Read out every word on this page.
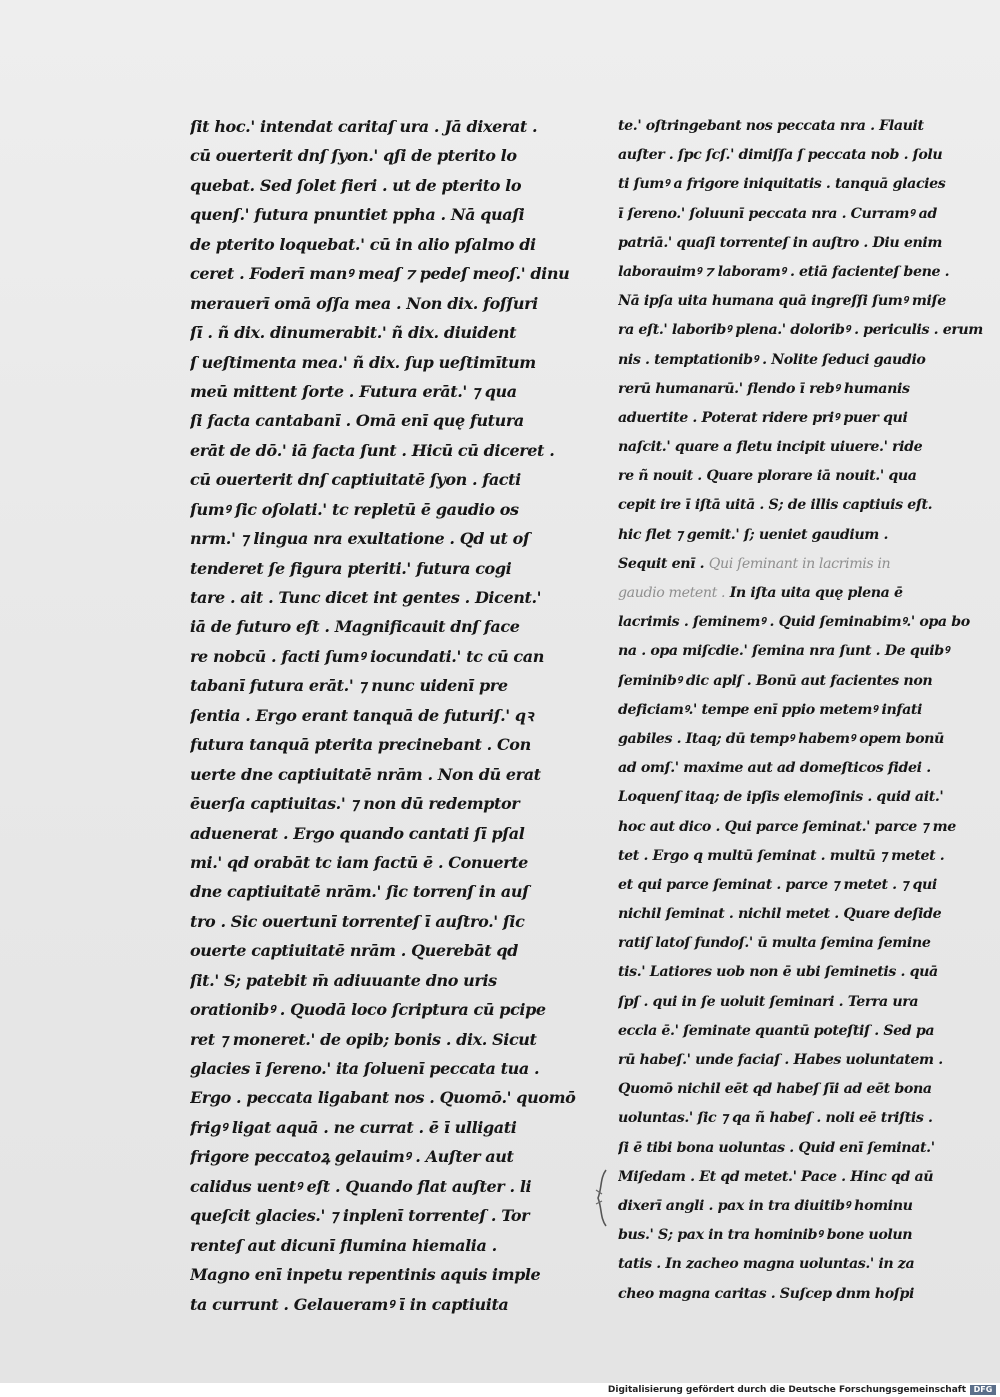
ſit hoc.' intendat caritaſ ura . Jā dixerat .
cū ouerterit dnſ ſyon.' qſi de pterito lo
quebat. Sed ſolet fieri . ut de pterito lo
quenſ.' futura pnuntiet ppha . Nā quaſi
de pterito loquebat.' cū in alio pſalmo di
ceret . Foderī manꝰ meaſ ⁊ pedeſ meoſ.' dinu
merauerī omā oſſa mea . Non dix. foſſuri
ſī . ñ dix. dinumerabit.' ñ dix. diuident
ſ ueſtimenta mea.' ñ dix. ſup ueſtimītum
meū mittent ſorte . Futura erāt.' ⁊ qua
ſi facta cantabanī . Omā enī quę futura
erāt de dō.' iā facta ſunt . Hicū cū diceret .
cū ouerterit dnſ captiuitatē ſyon . facti
ſumꝰ ſic oſolati.' tc repletū ē gaudio os
nrm.' ⁊ lingua nra exultatione . Qd ut oſ
tenderet ſe figura pteriti.' futura cogi
tare . ait . Tunc dicet int gentes . Dicent.'
iā de futuro eſt . Magnificauit dnſ face
re nobcū . facti ſumꝰ iocundati.' tc cū can
tabanī futura erāt.' ⁊ nunc uidenī pre
ſentia . Ergo erant tanquā de futuriſ.' qꝛ
futura tanquā pterita precinebant . Con
uerte dne captiuitatē nrām . Non dū erat
ēuerſa captiuitas.' ⁊ non dū redemptor
aduenerat . Ergo quando cantati ſī pſal
mi.' qd orabāt tc iam factū ē . Conuerte
dne captiuitatē nrām.' ſic torrenſ in auſ
tro . Sic ouertunī torrenteſ ī auſtro.' ſic
ouerte captiuitatē nrām . Querebāt qd
ſit.' S; patebit m̄ adiuuante dno uris
orationibꝰ . Quodā loco ſcriptura cū pcipe
ret ⁊ moneret.' de opib; bonis . dix. Sicut
glacies ī ſereno.' ita ſoluenī peccata tua .
Ergo . peccata ligabant nos . Quomō.' quomō
frigꝰ ligat aquā . ne currat . ē ī ulligati
frigore peccatoꝝ gelauimꝰ . Auſter aut
calidus uentꝰ eſt . Quando flat auſter . li
queſcit glacies.' ⁊ inplenī torrenteſ . Tor
renteſ aut dicunī flumina hiemalia .
Magno enī inpetu repentinis aquis imple
ta currunt . Gelaueramꝰ ī in captiuita
te.' oſtringebant nos peccata nra . Flauit
auſter . ſpc ſcſ.' dimiſſa ſ peccata nob . ſolu
ti ſumꝰ a frigore iniquitatis . tanquā glacies
ī ſereno.' ſoluunī peccata nra . Curramꝰ ad
patriā.' quaſi torrenteſ in auſtro . Diu enim
laborauimꝰ ⁊ laboramꝰ . etiā facienteſ bene .
Nā ipſa uita humana quā ingreſſi ſumꝰ miſe
ra eſt.' laboribꝰ plena.' doloribꝰ . periculis . erum
nis . temptationibꝰ . Nolite ſeduci gaudio
rerū humanarū.' flendo ī rebꝰ humanis
aduertite . Poterat ridere priꝰ puer qui
naſcit.' quare a fletu incipit uiuere.' ride
re ñ nouit . Quare plorare iā nouit.' qua
cepit ire ī iſtā uitā . S; de illis captiuis eſt.
hic flet ⁊ gemit.' ſ; ueniet gaudium .
Sequit enī . Qui ſeminant in lacrimis in
gaudio metent . In iſta uita quę plena ē
lacrimis . ſeminemꝰ . Quid ſeminabimꝰ.' opa bo
na . opa miſcdie.' ſemina nra ſunt . De quibꝰ
ſeminibꝰ dic aplſ . Bonū aut facientes non
deficiamꝰ.' tempe enī ppio metemꝰ infati
gabiles . Itaq; dū tempꝰ habemꝰ opem bonū
ad omſ.' maxime aut ad domeſticos fidei .
Loquenſ itaq; de ipſis elemoſinis . quid ait.'
hoc aut dico . Qui parce ſeminat.' parce ⁊ me
tet . Ergo q multū ſeminat . multū ⁊ metet .
et qui parce ſeminat . parce ⁊ metet . ⁊ qui
nichil ſeminat . nichil metet . Quare deſide
ratiſ latoſ fundoſ.' ū multa ſemina ſemine
tis.' Latiores uob non ē ubi ſeminetis . quā
ſpſ . qui in ſe uoluit ſeminari . Terra ura
eccla ē.' ſeminate quantū poteſtiſ . Sed pa
rū habeſ.' unde faciaſ . Habes uoluntatem .
Quomō nichil eēt qd habeſ ſīi ad eēt bona
uoluntas.' ſic ⁊ qa ñ habeſ . noli eē triſtis .
ſi ē tibi bona uoluntas . Quid enī ſeminat.'
Miſedam . Et qd metet.' Pace . Hinc qd aū
dixerī angli . pax in tra diuitibꝰ hominu
bus.' S; pax in tra hominibꝰ bone uolun
tatis . In zacheo magna uoluntas.' in za
cheo magna caritas . Suſcep dnm hoſpi
Digitalisierung gefördert durch die Deutsche Forschungsgemeinschaft DFG
